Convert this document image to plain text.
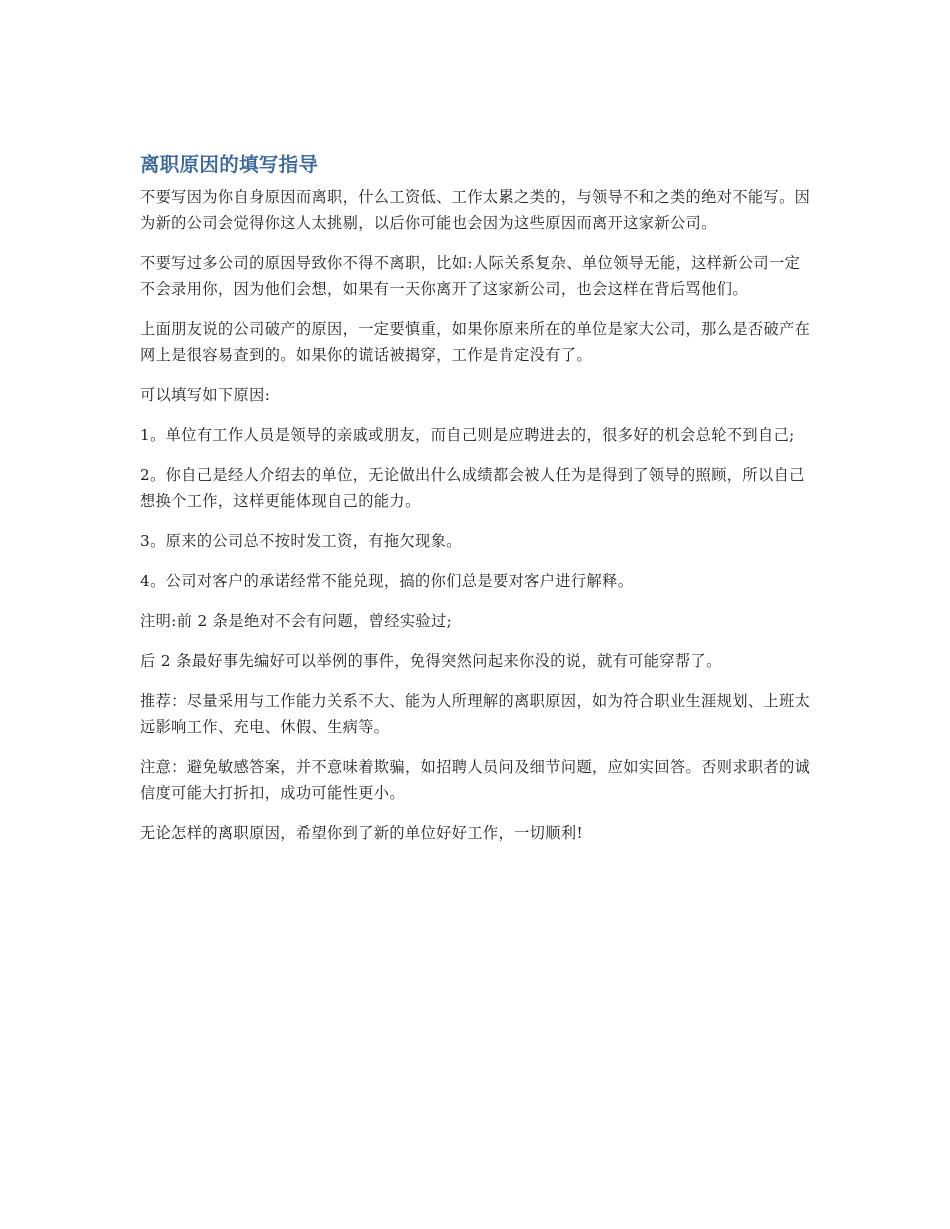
离职原因的填写指导

不要写因为你自身原因而离职，什么工资低、工作太累之类的，与领导不和之类的绝对不能写。因为新的公司会觉得你这人太挑剔，以后你可能也会因为这些原因而离开这家新公司。

不要写过多公司的原因导致你不得不离职，比如:人际关系复杂、单位领导无能，这样新公司一定不会录用你，因为他们会想，如果有一天你离开了这家新公司，也会这样在背后骂他们。

上面朋友说的公司破产的原因，一定要慎重，如果你原来所在的单位是家大公司，那么是否破产在网上是很容易查到的。如果你的谎话被揭穿，工作是肯定没有了。

可以填写如下原因:

1。单位有工作人员是领导的亲戚或朋友，而自己则是应聘进去的，很多好的机会总轮不到自己;

2。你自己是经人介绍去的单位，无论做出什么成绩都会被人任为是得到了领导的照顾，所以自己想换个工作，这样更能体现自己的能力。

3。原来的公司总不按时发工资，有拖欠现象。

4。公司对客户的承诺经常不能兑现，搞的你们总是要对客户进行解释。

注明:前 2 条是绝对不会有问题，曾经实验过;

后 2 条最好事先编好可以举例的事件，免得突然问起来你没的说，就有可能穿帮了。

推荐：尽量采用与工作能力关系不大、能为人所理解的离职原因，如为符合职业生涯规划、上班太远影响工作、充电、休假、生病等。

注意：避免敏感答案，并不意味着欺骗，如招聘人员问及细节问题，应如实回答。否则求职者的诚信度可能大打折扣，成功可能性更小。

无论怎样的离职原因，希望你到了新的单位好好工作，一切顺利!
